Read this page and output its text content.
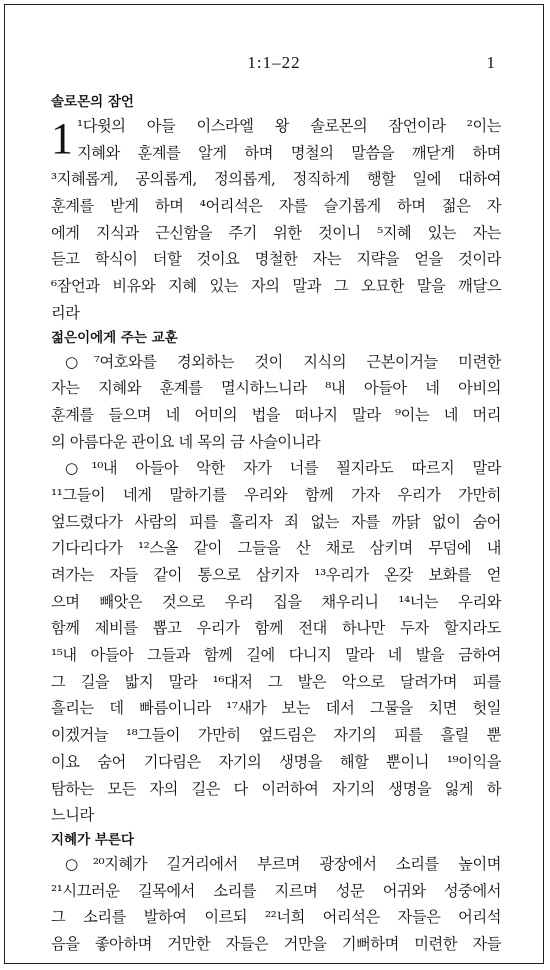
1:1–22	1
솔로몬의 잠언
1 ¹다윗의 아들 이스라엘 왕 솔로몬의 잠언이라 ²이는
지혜와 훈계를 알게 하며 명철의 말씀을 깨닫게 하며
³지혜롭게, 공의롭게, 정의롭게, 정직하게 행할 일에 대하여
훈계를 받게 하며 ⁴어리석은 자를 슬기롭게 하며 젊은 자
에게 지식과 근신함을 주기 위한 것이니 ⁵지혜 있는 자는
듣고 학식이 더할 것이요 명철한 자는 지략을 얻을 것이라
⁶잠언과 비유와 지혜 있는 자의 말과 그 오묘한 말을 깨달으
리라
젊은이에게 주는 교훈
○⁷여호와를 경외하는 것이 지식의 근본이거늘 미련한
자는 지혜와 훈계를 멸시하느니라 ⁸내 아들아 네 아비의
훈계를 들으며 네 어미의 법을 떠나지 말라 ⁹이는 네 머리
의 아름다운 관이요 네 목의 금 사슬이니라
○¹⁰내 아들아 악한 자가 너를 꾈지라도 따르지 말라
¹¹그들이 네게 말하기를 우리와 함께 가자 우리가 가만히
엎드렸다가 사람의 피를 흘리자 죄 없는 자를 까닭 없이 숨어
기다리다가 ¹²스올 같이 그들을 산 채로 삼키며 무덤에 내
려가는 자들 같이 통으로 삼키자 ¹³우리가 온갖 보화를 얻
으며 빼앗은 것으로 우리 집을 채우리니 ¹⁴너는 우리와
함께 제비를 뽑고 우리가 함께 전대 하나만 두자 할지라도
¹⁵내 아들아 그들과 함께 길에 다니지 말라 네 발을 금하여
그 길을 밟지 말라 ¹⁶대저 그 발은 악으로 달려가며 피를
흘리는 데 빠름이니라 ¹⁷새가 보는 데서 그물을 치면 헛일
이겠거늘 ¹⁸그들이 가만히 엎드림은 자기의 피를 흘릴 뿐
이요 숨어 기다림은 자기의 생명을 해할 뿐이니 ¹⁹이익을
탐하는 모든 자의 길은 다 이러하여 자기의 생명을 잃게 하
느니라
지혜가 부른다
○²⁰지혜가 길거리에서 부르며 광장에서 소리를 높이며
²¹시끄러운 길목에서 소리를 지르며 성문 어귀와 성중에서
그 소리를 발하여 이르되 ²²너희 어리석은 자들은 어리석
음을 좋아하며 거만한 자들은 거만을 기뻐하며 미련한 자들
